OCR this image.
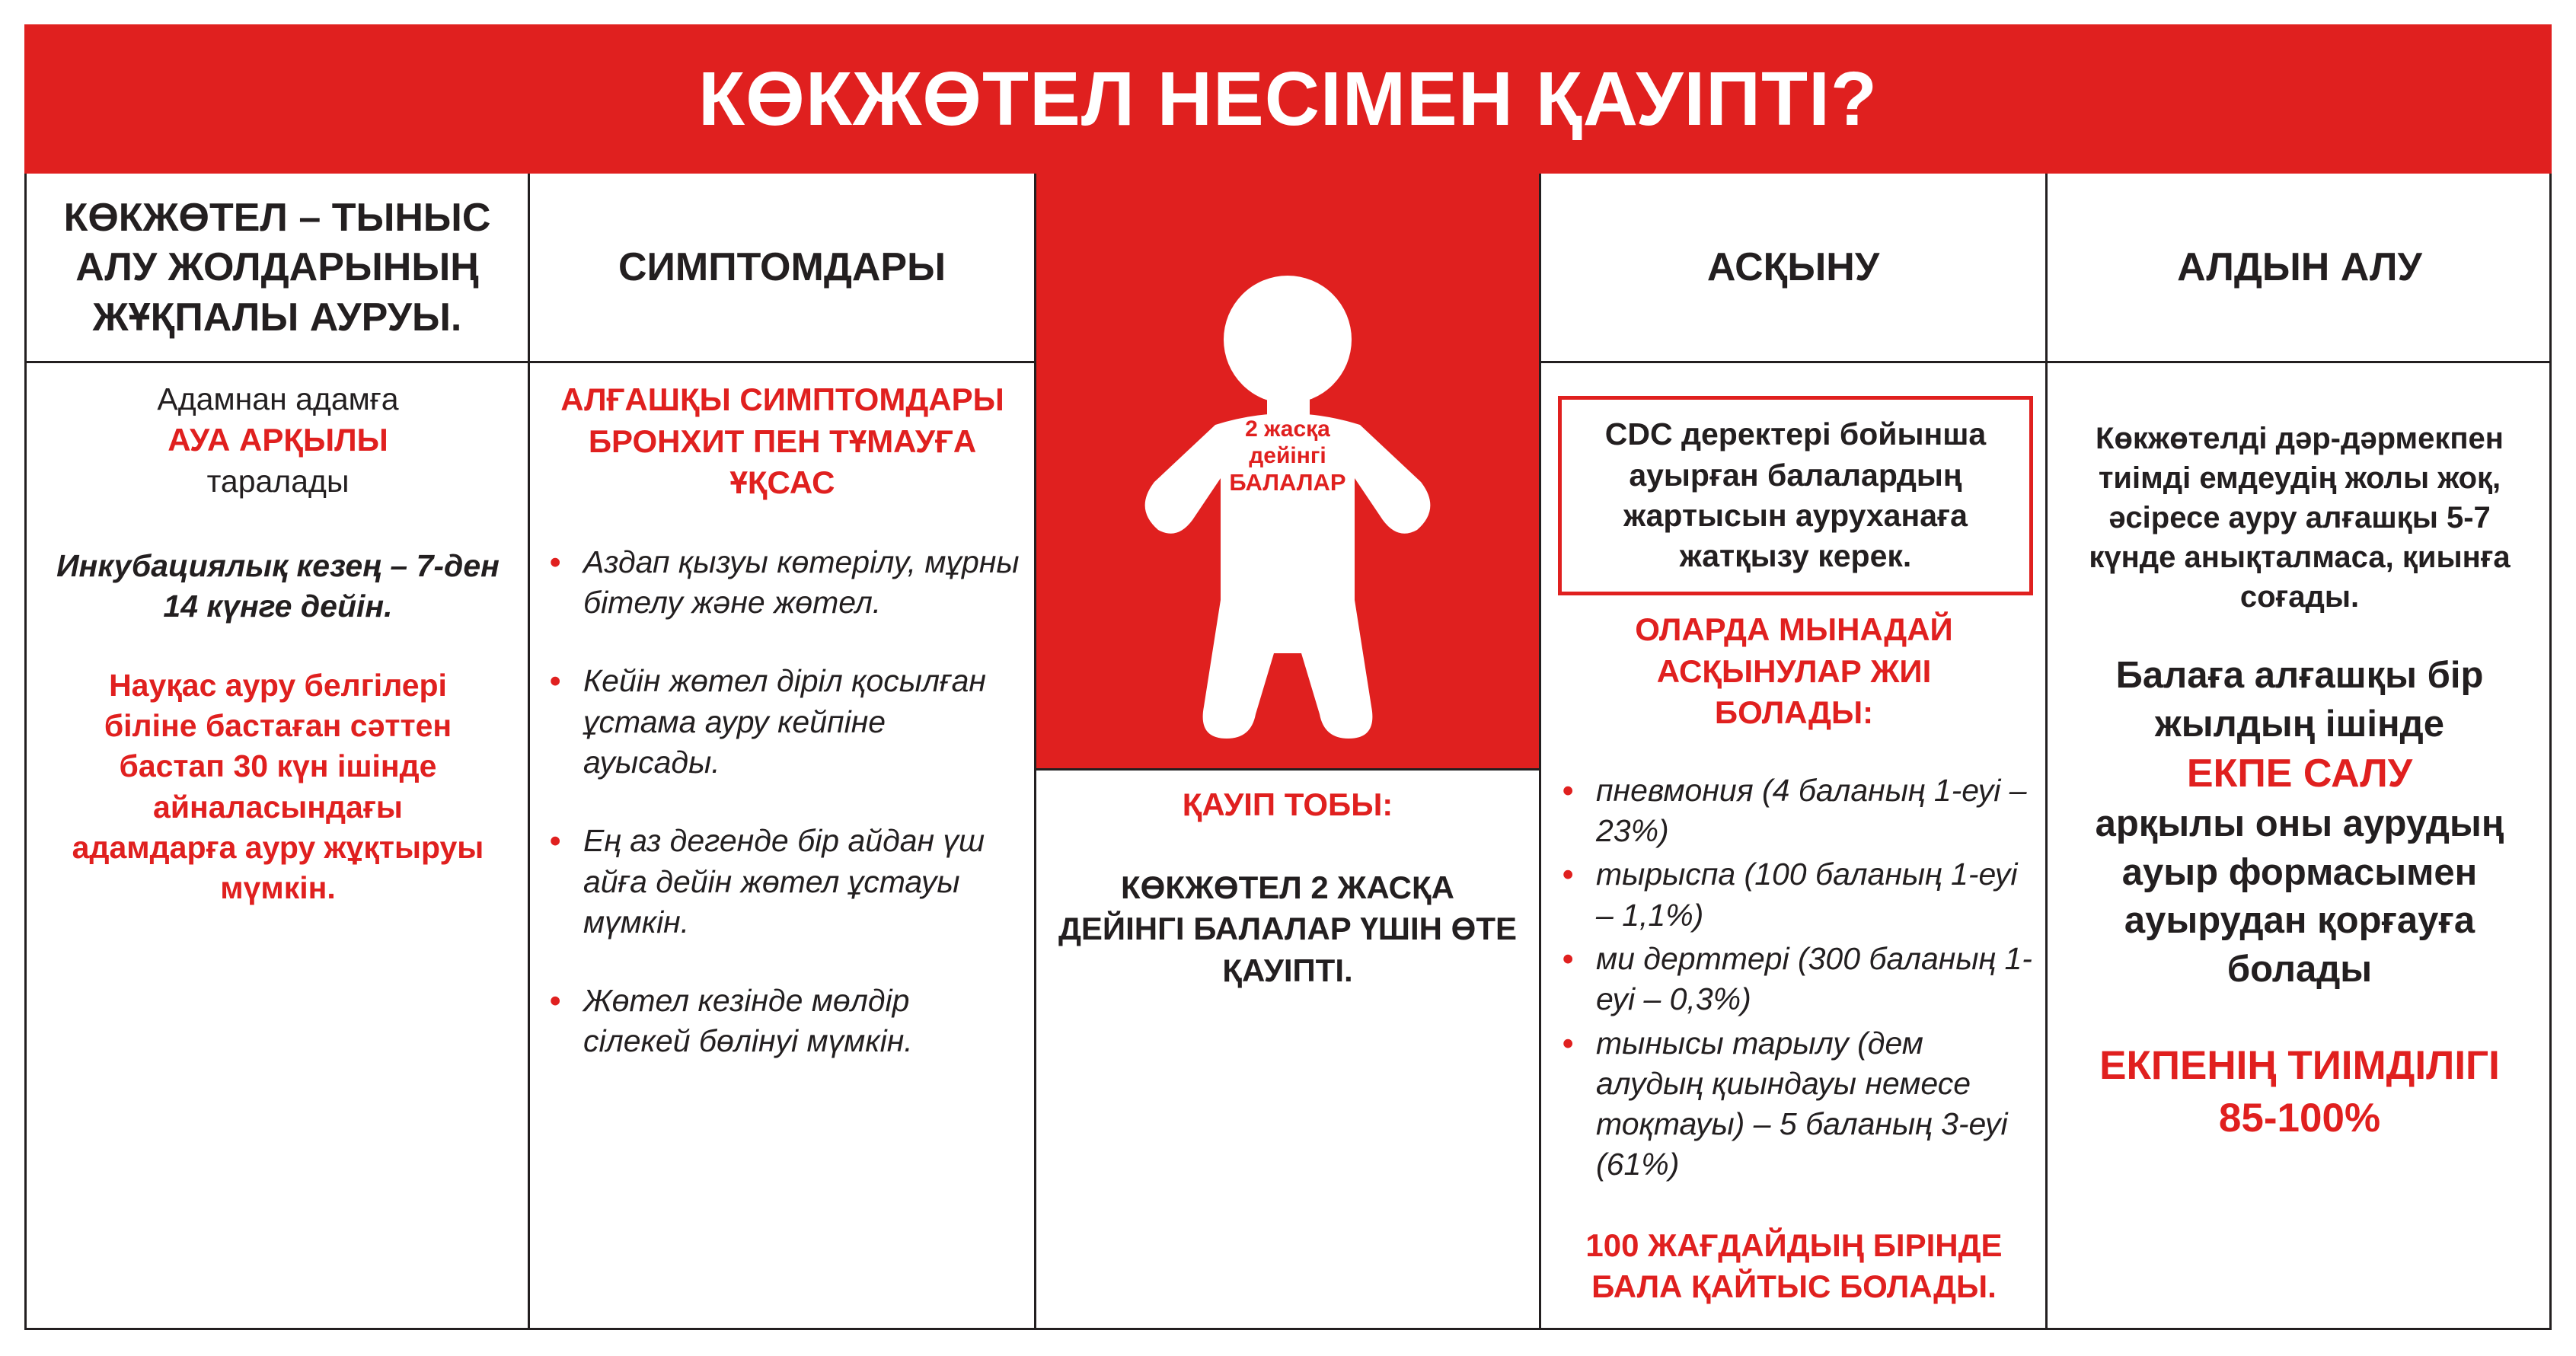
КӨКЖӨТЕЛ НЕСІМЕН ҚАУІПТІ?
2 жасқа
дейінгі
БАЛАЛАР
КӨКЖӨТЕЛ – ТЫНЫС АЛУ ЖОЛДАРЫНЫҢ ЖҰҚПАЛЫ АУРУЫ.
СИМПТОМДАРЫ	АСҚЫНУ	АЛДЫН АЛУ

Адамнан адамға

АУА АРҚЫЛЫ

таралады

Инкубациялық кезең – 7-ден 14 күнге дейін.

Науқас ауру белгілері біліне бастаған сәттен бастап 30 күн ішінде айналасындағы адамдарға ауру жұқтыруы мүмкін.

АЛҒАШҚЫ СИМПТОМДАРЫ БРОНХИТ ПЕН ТҰМАУҒА ҰҚСАС

• Аздап қызуы көтерілу, мұрны бітелу және жөтел.
• Кейін жөтел діріл қосылған ұстама ауру кейпіне ауысады.
• Ең аз дегенде бір айдан үш айға дейін жөтел ұстауы мүмкін.
• Жөтел кезінде мөлдір сілекей бөлінуі мүмкін.

ҚАУІП ТОБЫ:

КӨКЖӨТЕЛ 2 ЖАСҚА ДЕЙІНГІ БАЛАЛАР ҮШІН ӨТЕ ҚАУІПТІ.

CDC деректері бойынша ауырған балалардың жартысын ауруханаға жатқызу керек.

ОЛАРДА МЫНАДАЙ АСҚЫНУЛАР ЖИІ БОЛАДЫ:

• пневмония (4 баланың 1-еуі – 23%)
• тырыспа (100 баланың 1-еуі – 1,1%)
• ми дерттері (300 баланың 1-еуі – 0,3%)
• тынысы тарылу (дем алудың қиындауы немесе тоқтауы) – 5 баланың 3-еуі (61%)

100 ЖАҒДАЙДЫҢ БІРІНДЕ БАЛА ҚАЙТЫС БОЛАДЫ.

Көкжөтелді дәр-дәрмекпен тиімді емдеудің жолы жоқ, әсіресе ауру алғашқы 5-7 күнде анықталмаса, қиынға соғады.

Балаға алғашқы бір жылдың ішінде

ЕКПЕ САЛУ

арқылы оны аурудың ауыр формасымен ауырудан қорғауға болады

ЕКПЕНІҢ ТИІМДІЛІГІ

85-100%
